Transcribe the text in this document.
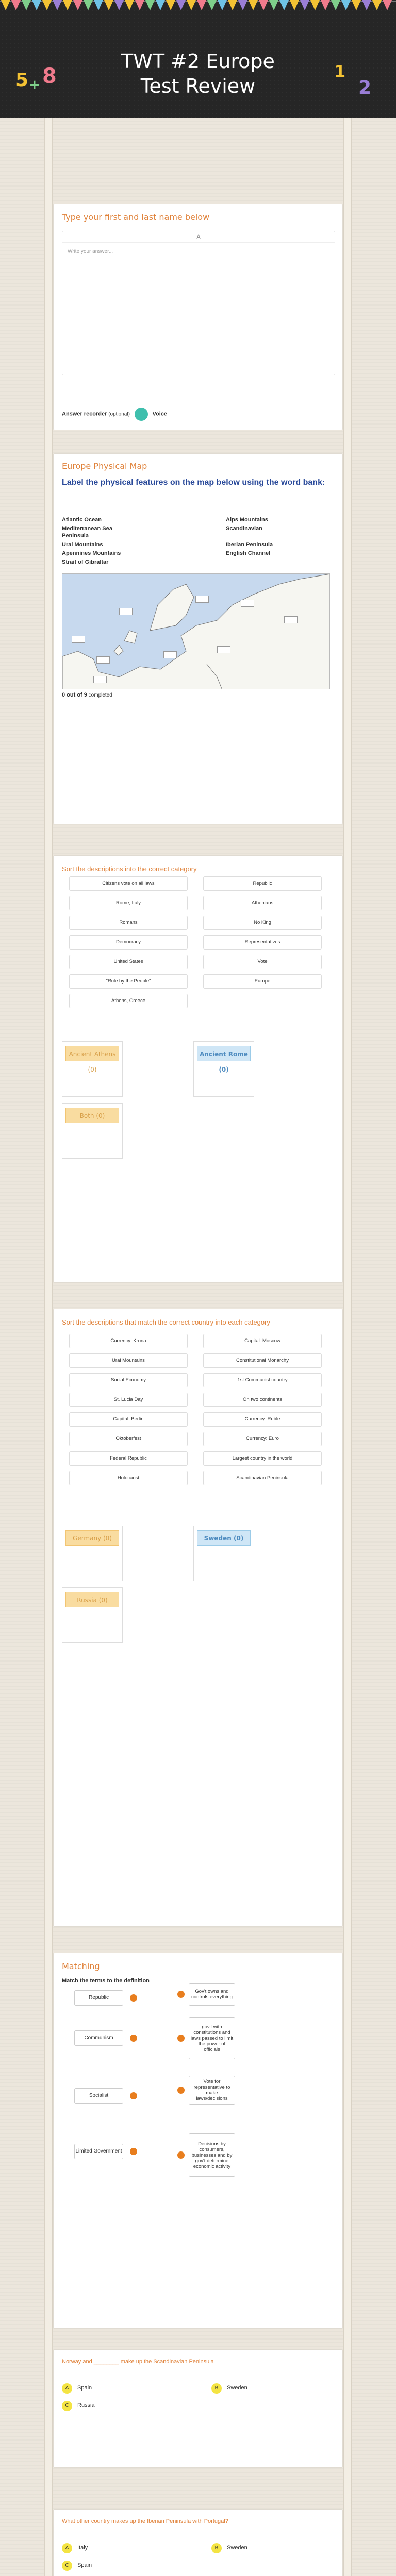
TWT #2 Europe
Test Review
5 + 8	1
2
Type your first and last name below
A
Write your answer...
Answer recorder (optional)	Voice
Europe Physical Map
Label the physical features on the map below using the word bank:
Atlantic Ocean
Mediterranean Sea
Peninsula
Ural Mountains
Apennines Mountains
Strait of Gibraltar
Alps Mountains
Scandinavian
Iberian Peninsula
English Channel
0 out of 9 completed
Sort the descriptions into the correct category
Citizens vote on all laws
Rome, Italy
Romans
Democracy
United States
"Rule by the People"
Athens, Greece
Republic
Athenians
No King
Representatives
Vote
Europe
Ancient Athens (0)
Ancient Rome (0)
Both (0)
Sort the descriptions that match the correct country into each category
Currency: Krona
Ural Mountains
Social Economy
St. Lucia Day
Capital: Berlin
Oktoberfest
Federal Republic
Holocaust
Capital: Moscow
Constitutional Monarchy
1st Communist country
On two continents
Currency: Ruble
Currency: Euro
Largest country in the world
Scandinavian Peninsula
Germany (0)	Sweden (0)
Russia (0)
Matching
Match the terms to the definition
Republic
Communism
Socialist
Limited Government
Gov't owns and controls everything
gov't with constitutions and laws passed to limit the power of officials
Vote for representative to make laws/decisions
Decisions by consumers, businesses and by gov't determine economic activity
Norway and ________ make up the Scandinavian Peninsula
A Spain	B Sweden
C Russia
What other country makes up the Iberian Peninsula with Portugal?
A Italy	B Sweden
C Spain
